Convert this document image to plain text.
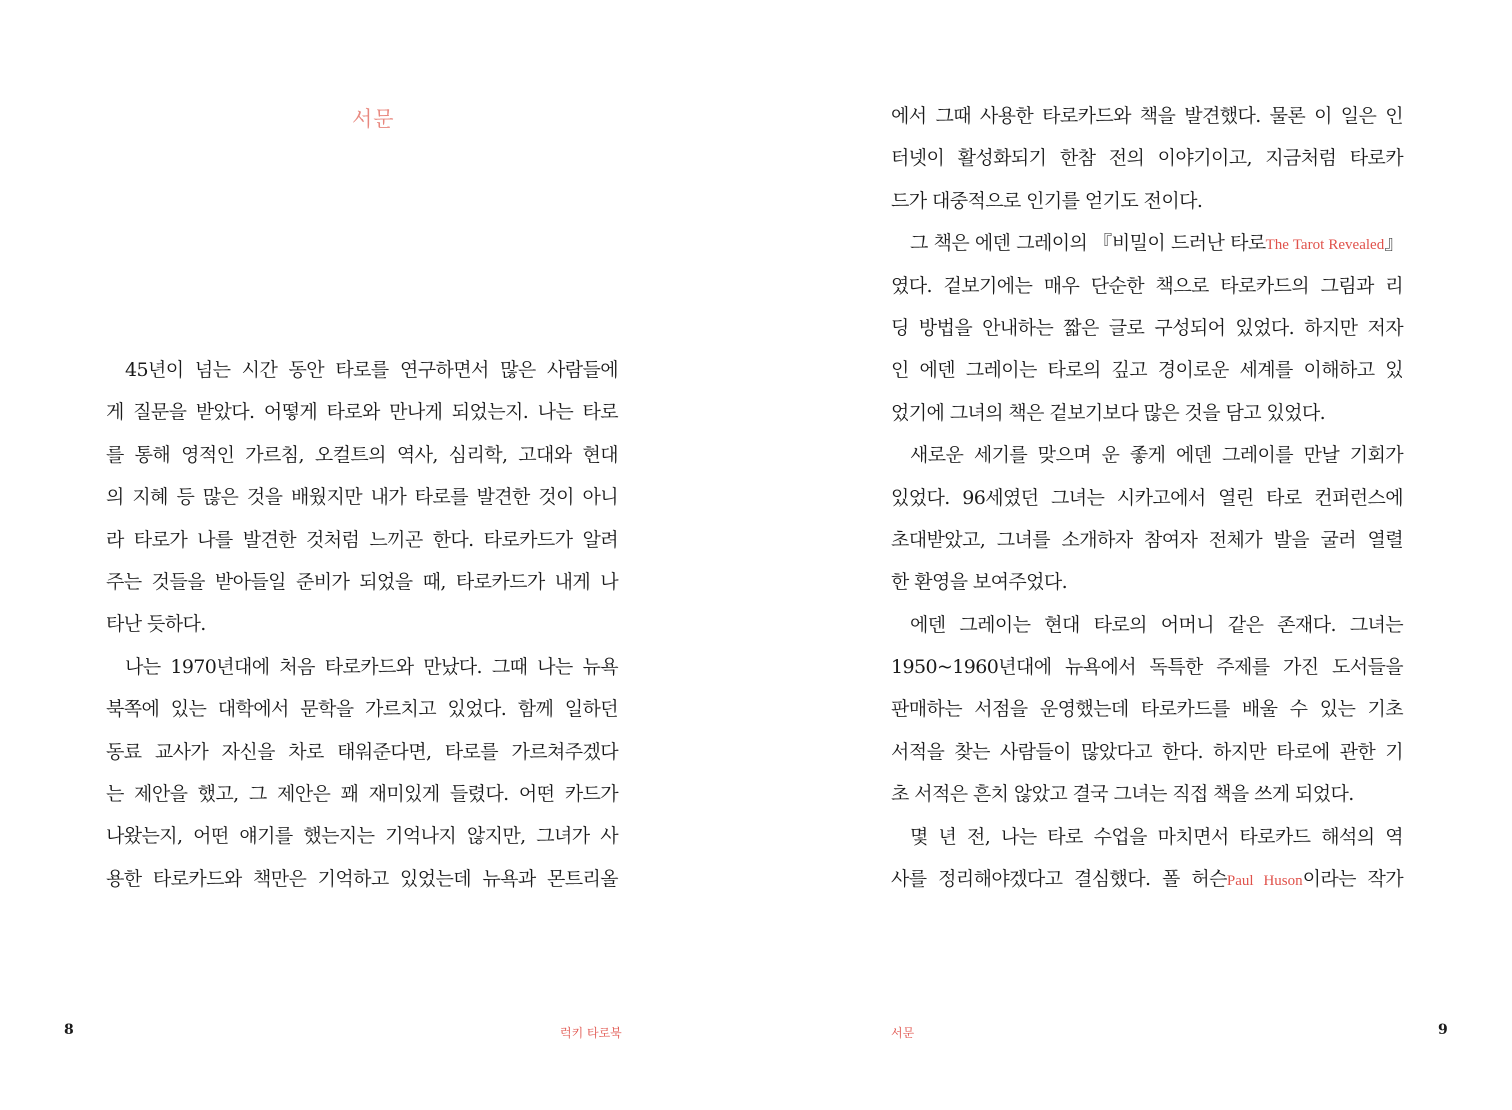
서문
45년이 넘는 시간 동안 타로를 연구하면서 많은 사람들에
게 질문을 받았다. 어떻게 타로와 만나게 되었는지. 나는 타로
를 통해 영적인 가르침, 오컬트의 역사, 심리학, 고대와 현대
의 지혜 등 많은 것을 배웠지만 내가 타로를 발견한 것이 아니
라 타로가 나를 발견한 것처럼 느끼곤 한다. 타로카드가 알려
주는 것들을 받아들일 준비가 되었을 때, 타로카드가 내게 나
타난 듯하다.
나는 1970년대에 처음 타로카드와 만났다. 그때 나는 뉴욕
북쪽에 있는 대학에서 문학을 가르치고 있었다. 함께 일하던
동료 교사가 자신을 차로 태워준다면, 타로를 가르쳐주겠다
는 제안을 했고, 그 제안은 꽤 재미있게 들렸다. 어떤 카드가
나왔는지, 어떤 얘기를 했는지는 기억나지 않지만, 그녀가 사
용한 타로카드와 책만은 기억하고 있었는데 뉴욕과 몬트리올
8	럭키 타로북
에서 그때 사용한 타로카드와 책을 발견했다. 물론 이 일은 인
터넷이 활성화되기 한참 전의 이야기이고, 지금처럼 타로카
드가 대중적으로 인기를 얻기도 전이다.
그 책은 에덴 그레이의 『비밀이 드러난 타로The Tarot Revealed』
였다. 겉보기에는 매우 단순한 책으로 타로카드의 그림과 리
딩 방법을 안내하는 짧은 글로 구성되어 있었다. 하지만 저자
인 에덴 그레이는 타로의 깊고 경이로운 세계를 이해하고 있
었기에 그녀의 책은 겉보기보다 많은 것을 담고 있었다.
새로운 세기를 맞으며 운 좋게 에덴 그레이를 만날 기회가
있었다. 96세였던 그녀는 시카고에서 열린 타로 컨퍼런스에
초대받았고, 그녀를 소개하자 참여자 전체가 발을 굴러 열렬
한 환영을 보여주었다.
에덴 그레이는 현대 타로의 어머니 같은 존재다. 그녀는
1950~1960년대에 뉴욕에서 독특한 주제를 가진 도서들을
판매하는 서점을 운영했는데 타로카드를 배울 수 있는 기초
서적을 찾는 사람들이 많았다고 한다. 하지만 타로에 관한 기
초 서적은 흔치 않았고 결국 그녀는 직접 책을 쓰게 되었다.
몇 년 전, 나는 타로 수업을 마치면서 타로카드 해석의 역
사를 정리해야겠다고 결심했다. 폴 허슨Paul Huson이라는 작가
서문	9
